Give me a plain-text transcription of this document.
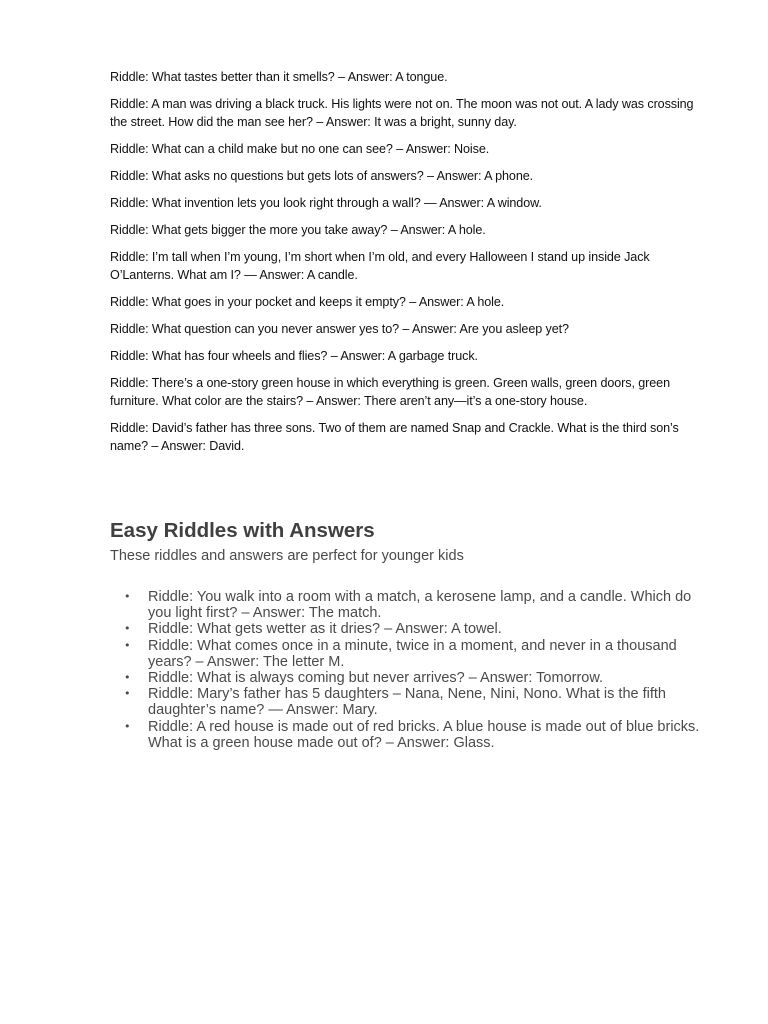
Riddle: What tastes better than it smells? – Answer: A tongue.

Riddle: A man was driving a black truck. His lights were not on. The moon was not out. A lady was crossing the street. How did the man see her? – Answer: It was a bright, sunny day.

Riddle: What can a child make but no one can see? – Answer: Noise.

Riddle: What asks no questions but gets lots of answers? – Answer: A phone.

Riddle: What invention lets you look right through a wall? — Answer: A window.

Riddle: What gets bigger the more you take away? – Answer: A hole.

Riddle: I’m tall when I’m young, I’m short when I’m old, and every Halloween I stand up inside Jack O’Lanterns. What am I? — Answer: A candle.

Riddle: What goes in your pocket and keeps it empty? – Answer: A hole.

Riddle: What question can you never answer yes to? – Answer: Are you asleep yet?

Riddle: What has four wheels and flies? – Answer: A garbage truck.

Riddle: There’s a one-story green house in which everything is green. Green walls, green doors, green furniture. What color are the stairs? – Answer: There aren’t any—it’s a one-story house.

Riddle: David’s father has three sons. Two of them are named Snap and Crackle. What is the third son’s name? – Answer: David.

Easy Riddles with Answers

These riddles and answers are perfect for younger kids

• Riddle: You walk into a room with a match, a kerosene lamp, and a candle. Which do you light first? – Answer: The match.
• Riddle: What gets wetter as it dries? – Answer: A towel.
• Riddle: What comes once in a minute, twice in a moment, and never in a thousand years? – Answer: The letter M.
• Riddle: What is always coming but never arrives? – Answer: Tomorrow.
• Riddle: Mary’s father has 5 daughters – Nana, Nene, Nini, Nono. What is the fifth daughter’s name? — Answer: Mary.
• Riddle: A red house is made out of red bricks. A blue house is made out of blue bricks. What is a green house made out of? – Answer: Glass.
